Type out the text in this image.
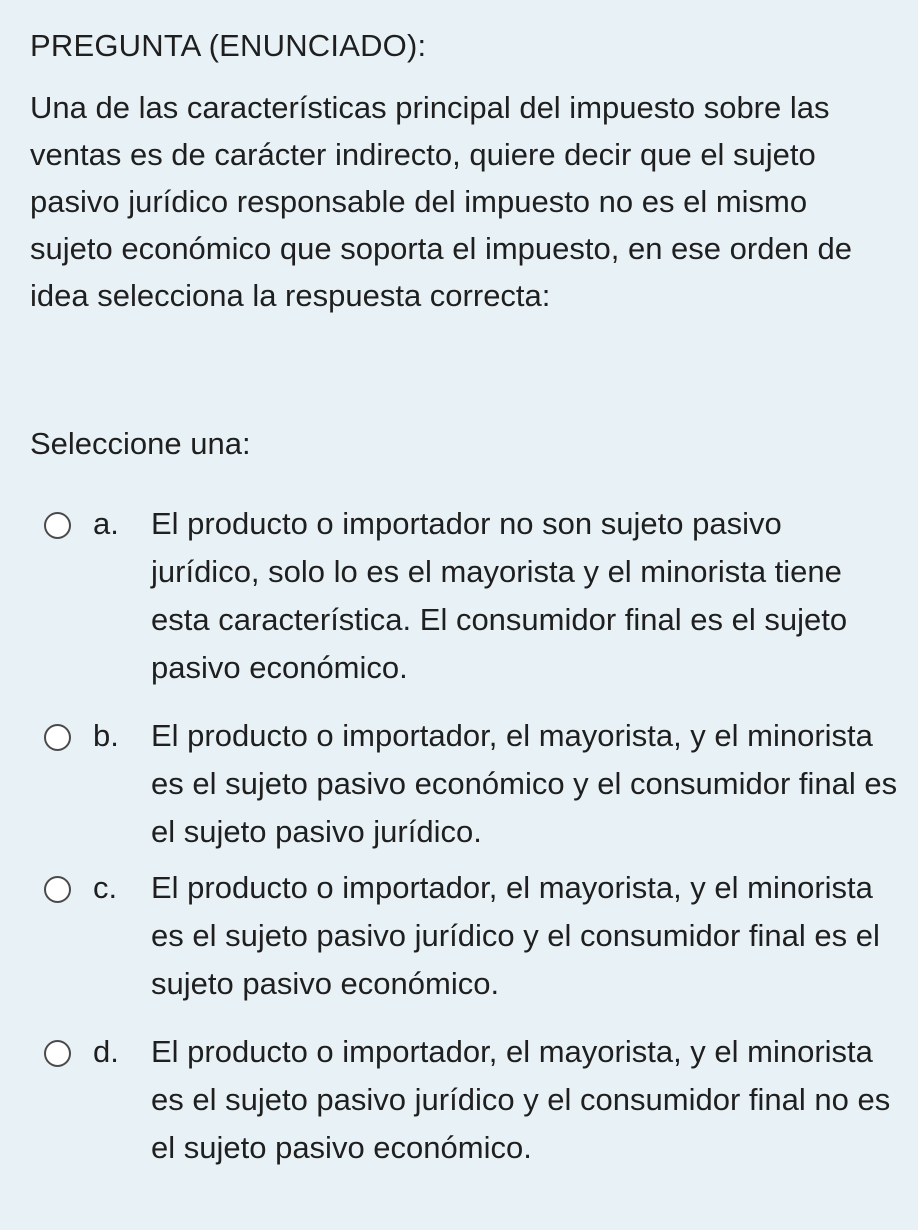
PREGUNTA (ENUNCIADO):
Una de las características principal del impuesto sobre las
ventas es de carácter indirecto, quiere decir que el sujeto
pasivo jurídico responsable del impuesto no es el mismo
sujeto económico que soporta el impuesto, en ese orden de
idea selecciona la respuesta correcta:
Seleccione una:
a.	El producto o importador no son sujeto pasivo
jurídico, solo lo es el mayorista y el minorista tiene
esta característica. El consumidor final es el sujeto
pasivo económico.
b.	El producto o importador, el mayorista, y el minorista
es el sujeto pasivo económico y el consumidor final es
el sujeto pasivo jurídico.
c.	El producto o importador, el mayorista, y el minorista
es el sujeto pasivo jurídico y el consumidor final es el
sujeto pasivo económico.
d.	El producto o importador, el mayorista, y el minorista
es el sujeto pasivo jurídico y el consumidor final no es
el sujeto pasivo económico.
